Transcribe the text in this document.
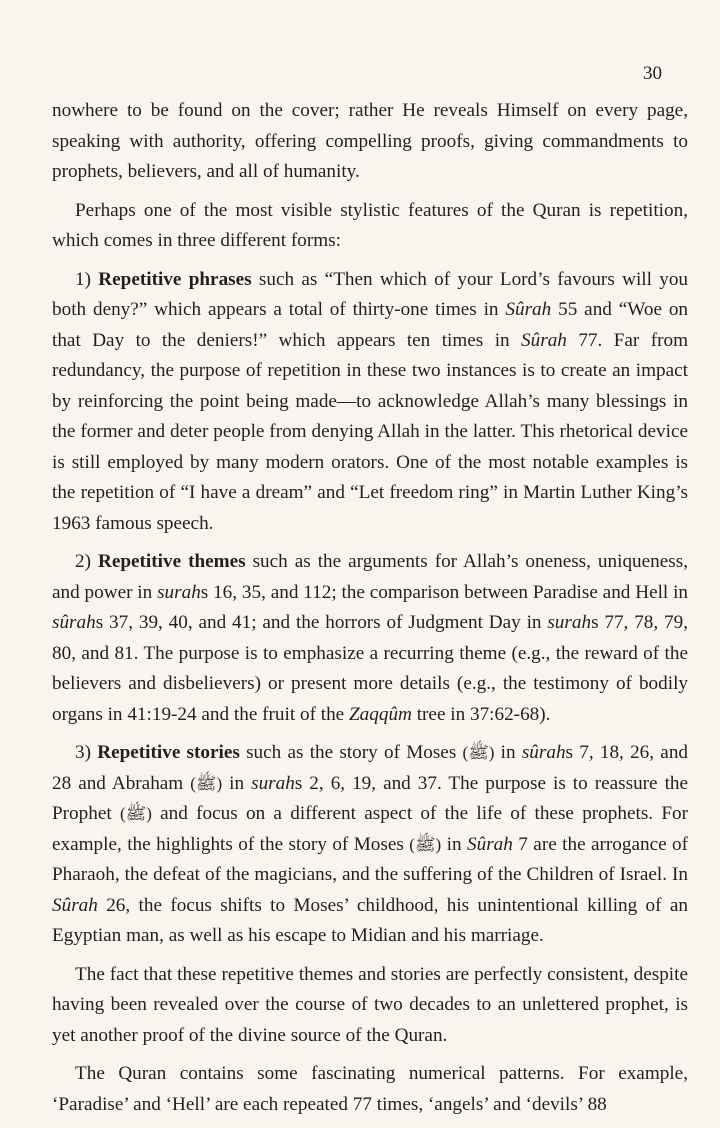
30

nowhere to be found on the cover; rather He reveals Himself on every page, speaking with authority, offering compelling proofs, giving commandments to prophets, believers, and all of humanity.

Perhaps one of the most visible stylistic features of the Quran is repetition, which comes in three different forms:

1) Repetitive phrases such as “Then which of your Lord’s favours will you both deny?” which appears a total of thirty-one times in Sûrah 55 and “Woe on that Day to the deniers!” which appears ten times in Sûrah 77. Far from redundancy, the purpose of repetition in these two instances is to create an impact by reinforcing the point being made—to acknowledge Allah’s many blessings in the former and deter people from denying Allah in the latter. This rhetorical device is still employed by many modern orators. One of the most notable examples is the repetition of “I have a dream” and “Let freedom ring” in Martin Luther King’s 1963 famous speech.

2) Repetitive themes such as the arguments for Allah’s oneness, uniqueness, and power in surahs 16, 35, and 112; the comparison between Paradise and Hell in sûrahs 37, 39, 40, and 41; and the horrors of Judgment Day in surahs 77, 78, 79, 80, and 81. The purpose is to emphasize a recurring theme (e.g., the reward of the believers and disbelievers) or present more details (e.g., the testimony of bodily organs in 41:19-24 and the fruit of the Zaqqûm tree in 37:62-68).

3) Repetitive stories such as the story of Moses (ﷺ) in sûrahs 7, 18, 26, and 28 and Abraham (ﷺ) in surahs 2, 6, 19, and 37. The purpose is to reassure the Prophet (ﷺ) and focus on a different aspect of the life of these prophets. For example, the highlights of the story of Moses (ﷺ) in Sûrah 7 are the arrogance of Pharaoh, the defeat of the magicians, and the suffering of the Children of Israel. In Sûrah 26, the focus shifts to Moses’ childhood, his unintentional killing of an Egyptian man, as well as his escape to Midian and his marriage.

The fact that these repetitive themes and stories are perfectly consistent, despite having been revealed over the course of two decades to an unlettered prophet, is yet another proof of the divine source of the Quran.

The Quran contains some fascinating numerical patterns. For example, ‘Paradise’ and ‘Hell’ are each repeated 77 times, ‘angels’ and ‘devils’ 88
